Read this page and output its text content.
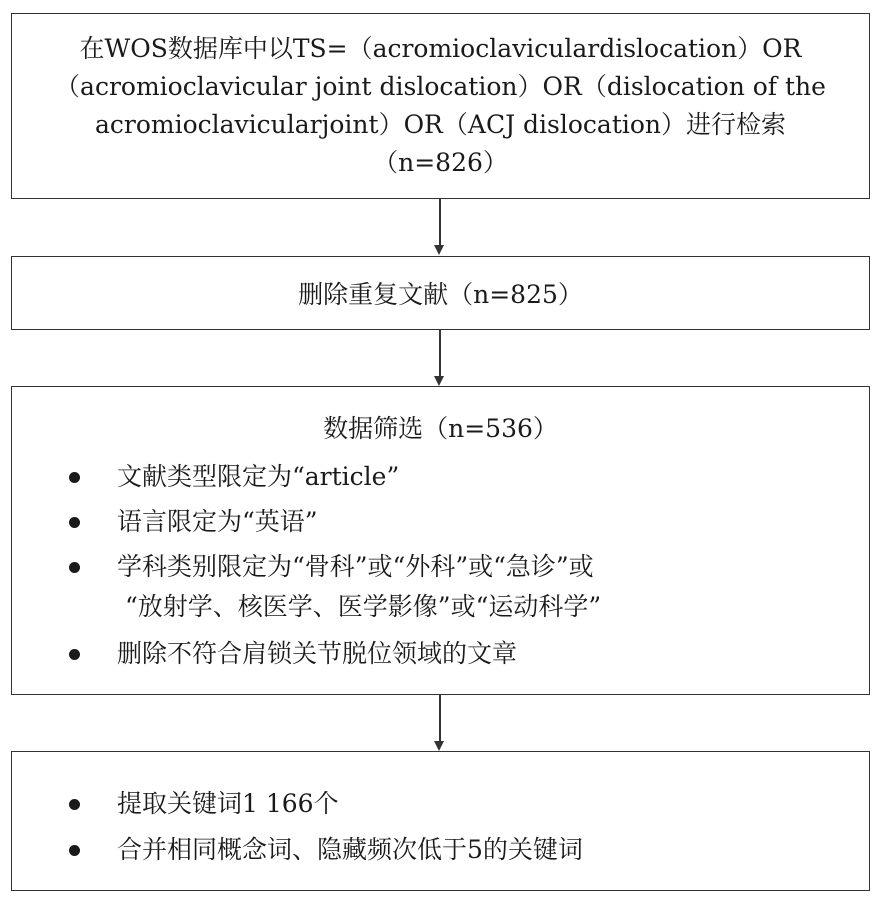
在WOS数据库中以TS=（acromioclaviculardislocation）OR
（acromioclavicular joint dislocation）OR（dislocation of the
acromioclavicularjoint）OR（ACJ dislocation）进行检索
（n=826）
删除重复文献（n=825）
数据筛选（n=536）
文献类型限定为“article”
语言限定为“英语”
学科类别限定为“骨科”或“外科”或“急诊”或
“放射学、核医学、医学影像”或“运动科学”
删除不符合肩锁关节脱位领域的文章
提取关键词1 166个
合并相同概念词、隐藏频次低于5的关键词
